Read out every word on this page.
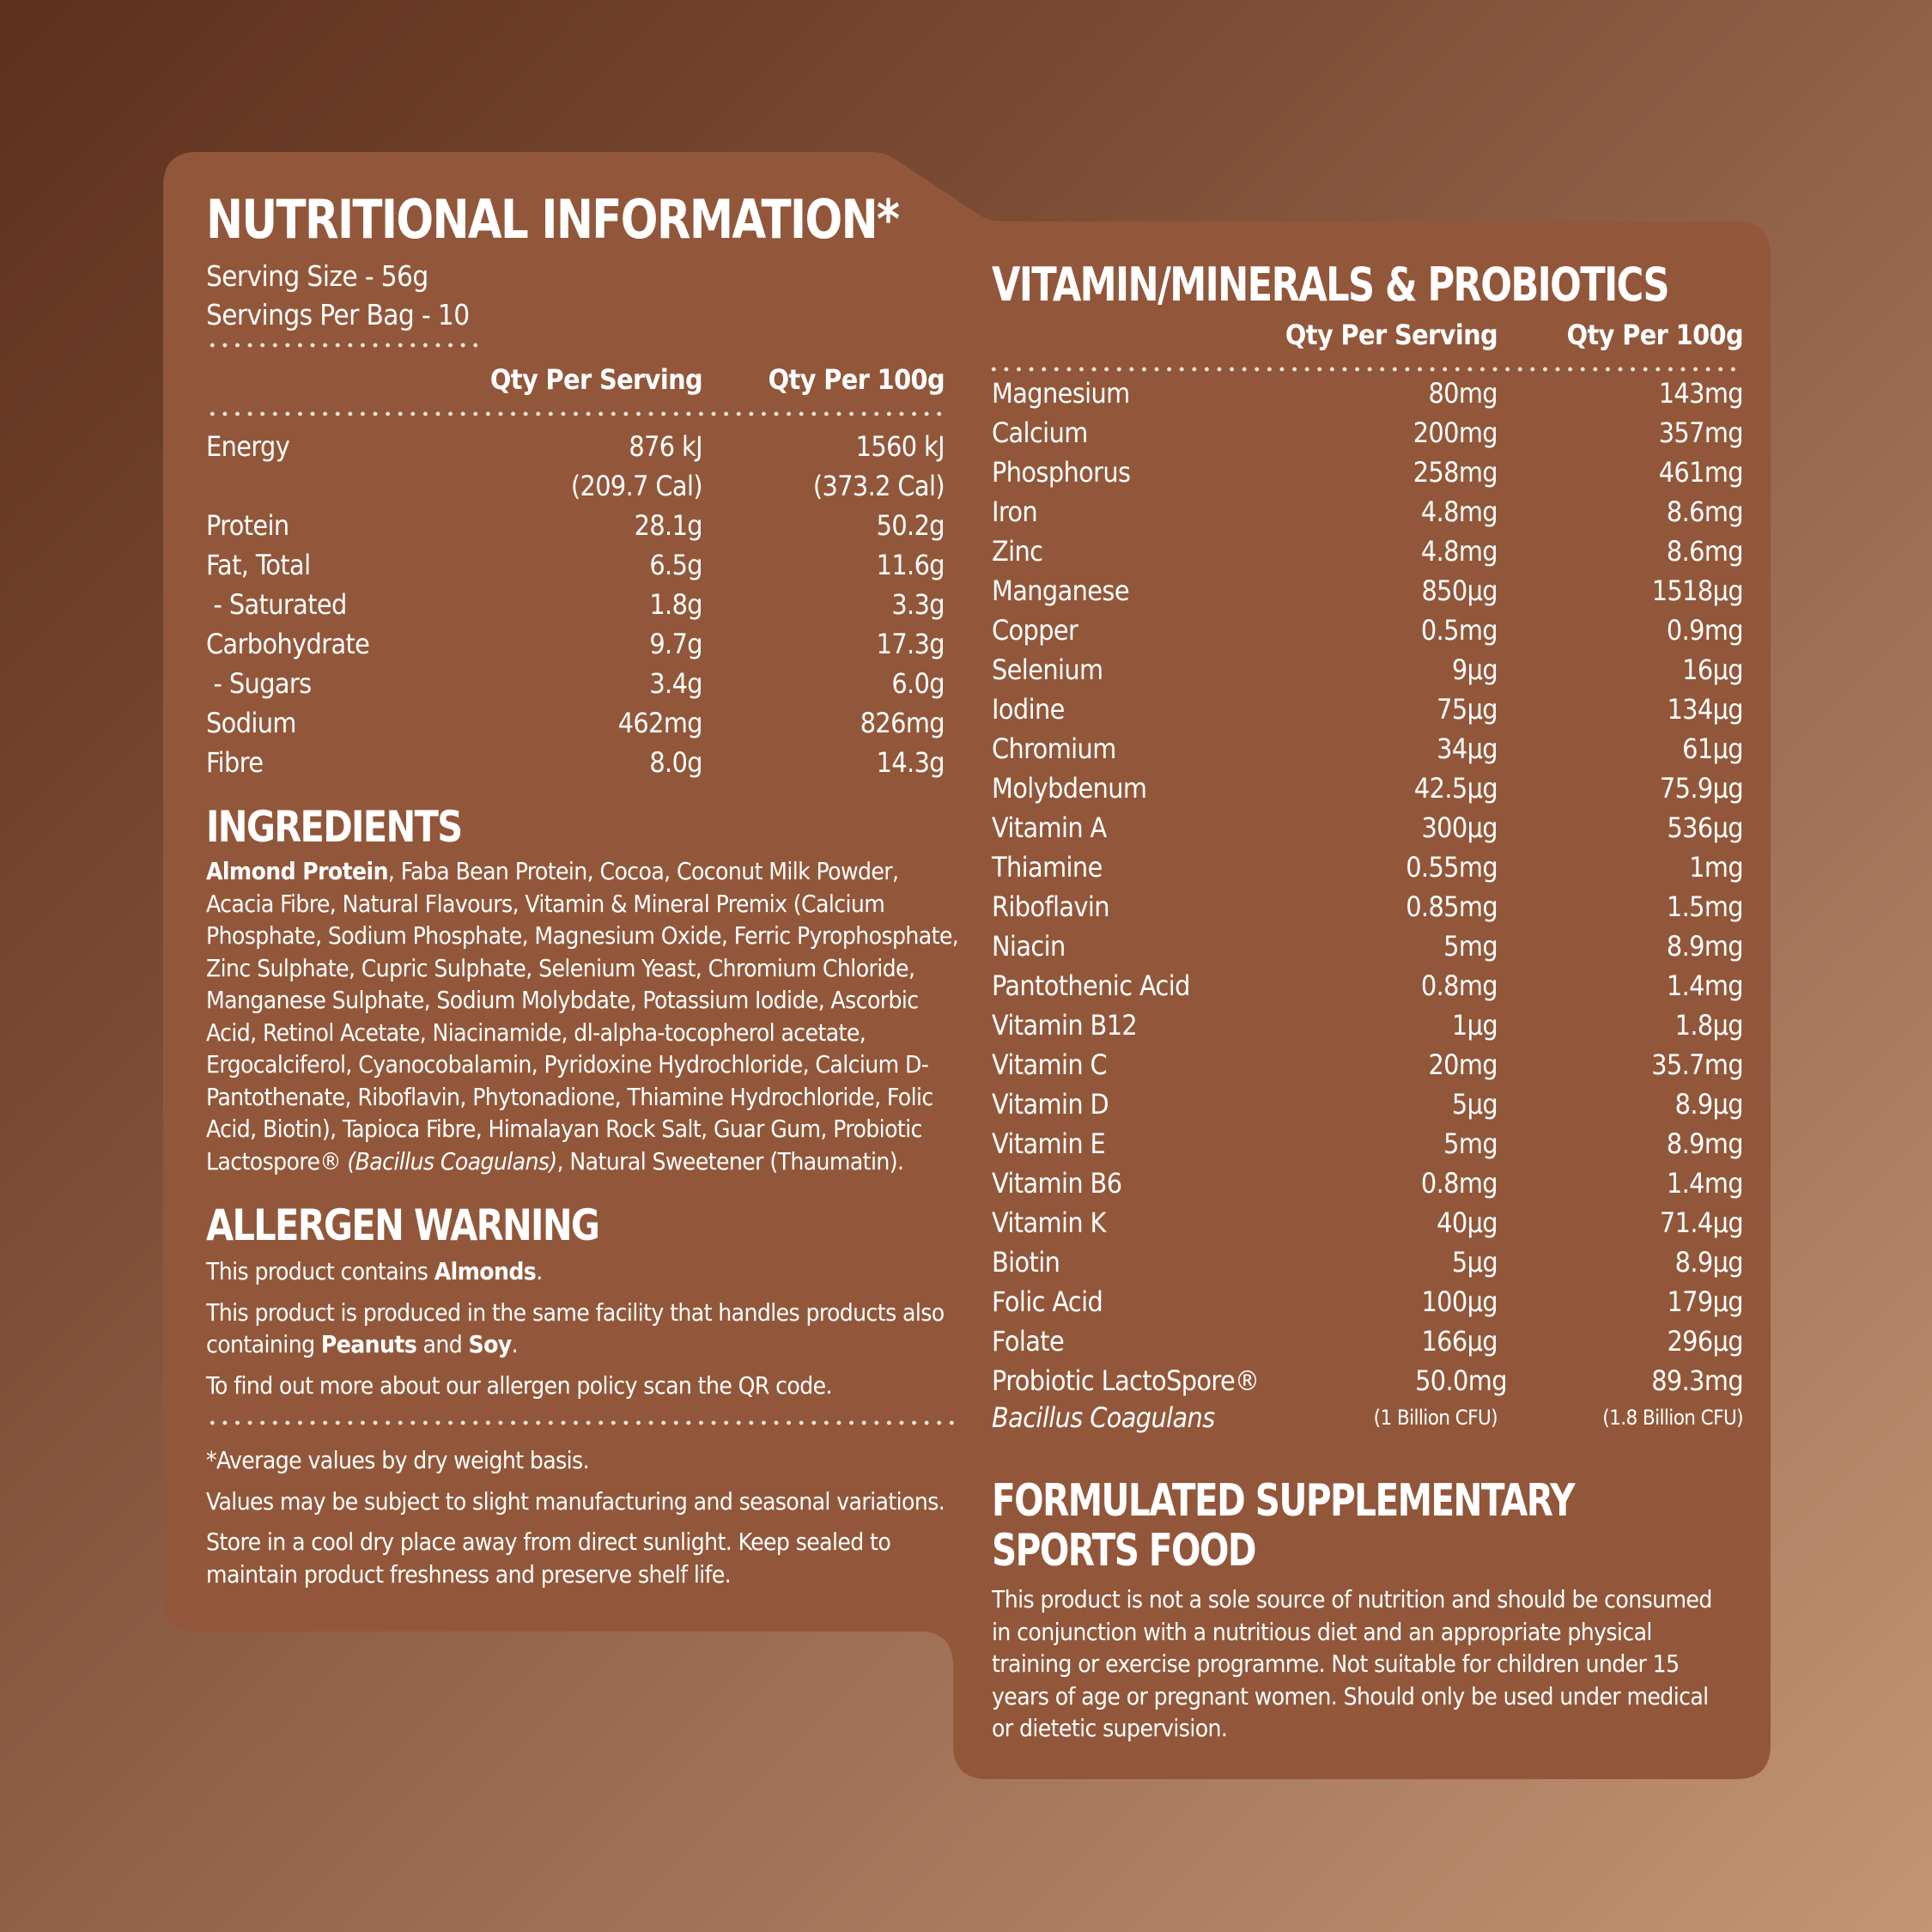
NUTRITIONAL INFORMATION*
Serving Size - 56g
Servings Per Bag - 10
Qty Per Serving	Qty Per 100g
Energy	876 kJ	1560 kJ
(209.7 Cal)	(373.2 Cal)
Protein	28.1g	50.2g
Fat, Total	6.5g	11.6g
- Saturated	1.8g	3.3g
Carbohydrate	9.7g	17.3g
- Sugars	3.4g	6.0g
Sodium	462mg	826mg
Fibre	8.0g	14.3g
INGREDIENTS
Almond Protein, Faba Bean Protein, Cocoa, Coconut Milk Powder, Acacia Fibre, Natural Flavours, Vitamin & Mineral Premix (Calcium Phosphate, Sodium Phosphate, Magnesium Oxide, Ferric Pyrophosphate, Zinc Sulphate, Cupric Sulphate, Selenium Yeast, Chromium Chloride, Manganese Sulphate, Sodium Molybdate, Potassium Iodide, Ascorbic Acid, Retinol Acetate, Niacinamide, dl-alpha-tocopherol acetate, Ergocalciferol, Cyanocobalamin, Pyridoxine Hydrochloride, Calcium D-Pantothenate, Riboflavin, Phytonadione, Thiamine Hydrochloride, Folic Acid, Biotin), Tapioca Fibre, Himalayan Rock Salt, Guar Gum, Probiotic Lactospore® (Bacillus Coagulans), Natural Sweetener (Thaumatin).
ALLERGEN WARNING
This product contains Almonds.
This product is produced in the same facility that handles products also containing Peanuts and Soy.
To find out more about our allergen policy scan the QR code.
*Average values by dry weight basis.
Values may be subject to slight manufacturing and seasonal variations.
Store in a cool dry place away from direct sunlight. Keep sealed to maintain product freshness and preserve shelf life.
VITAMIN/MINERALS & PROBIOTICS
Qty Per Serving	Qty Per 100g
Magnesium	80mg	143mg
Calcium	200mg	357mg
Phosphorus	258mg	461mg
Iron	4.8mg	8.6mg
Zinc	4.8mg	8.6mg
Manganese	850µg	1518µg
Copper	0.5mg	0.9mg
Selenium	9µg	16µg
Iodine	75µg	134µg
Chromium	34µg	61µg
Molybdenum	42.5µg	75.9µg
Vitamin A	300µg	536µg
Thiamine	0.55mg	1mg
Riboflavin	0.85mg	1.5mg
Niacin	5mg	8.9mg
Pantothenic Acid	0.8mg	1.4mg
Vitamin B12	1µg	1.8µg
Vitamin C	20mg	35.7mg
Vitamin D	5µg	8.9µg
Vitamin E	5mg	8.9mg
Vitamin B6	0.8mg	1.4mg
Vitamin K	40µg	71.4µg
Biotin	5µg	8.9µg
Folic Acid	100µg	179µg
Folate	166µg	296µg
Probiotic LactoSpore®	50.0mg	89.3mg
Bacillus Coagulans	(1 Billion CFU)	(1.8 Billion CFU)
FORMULATED SUPPLEMENTARY
SPORTS FOOD
This product is not a sole source of nutrition and should be consumed in conjunction with a nutritious diet and an appropriate physical training or exercise programme. Not suitable for children under 15 years of age or pregnant women. Should only be used under medical or dietetic supervision.
